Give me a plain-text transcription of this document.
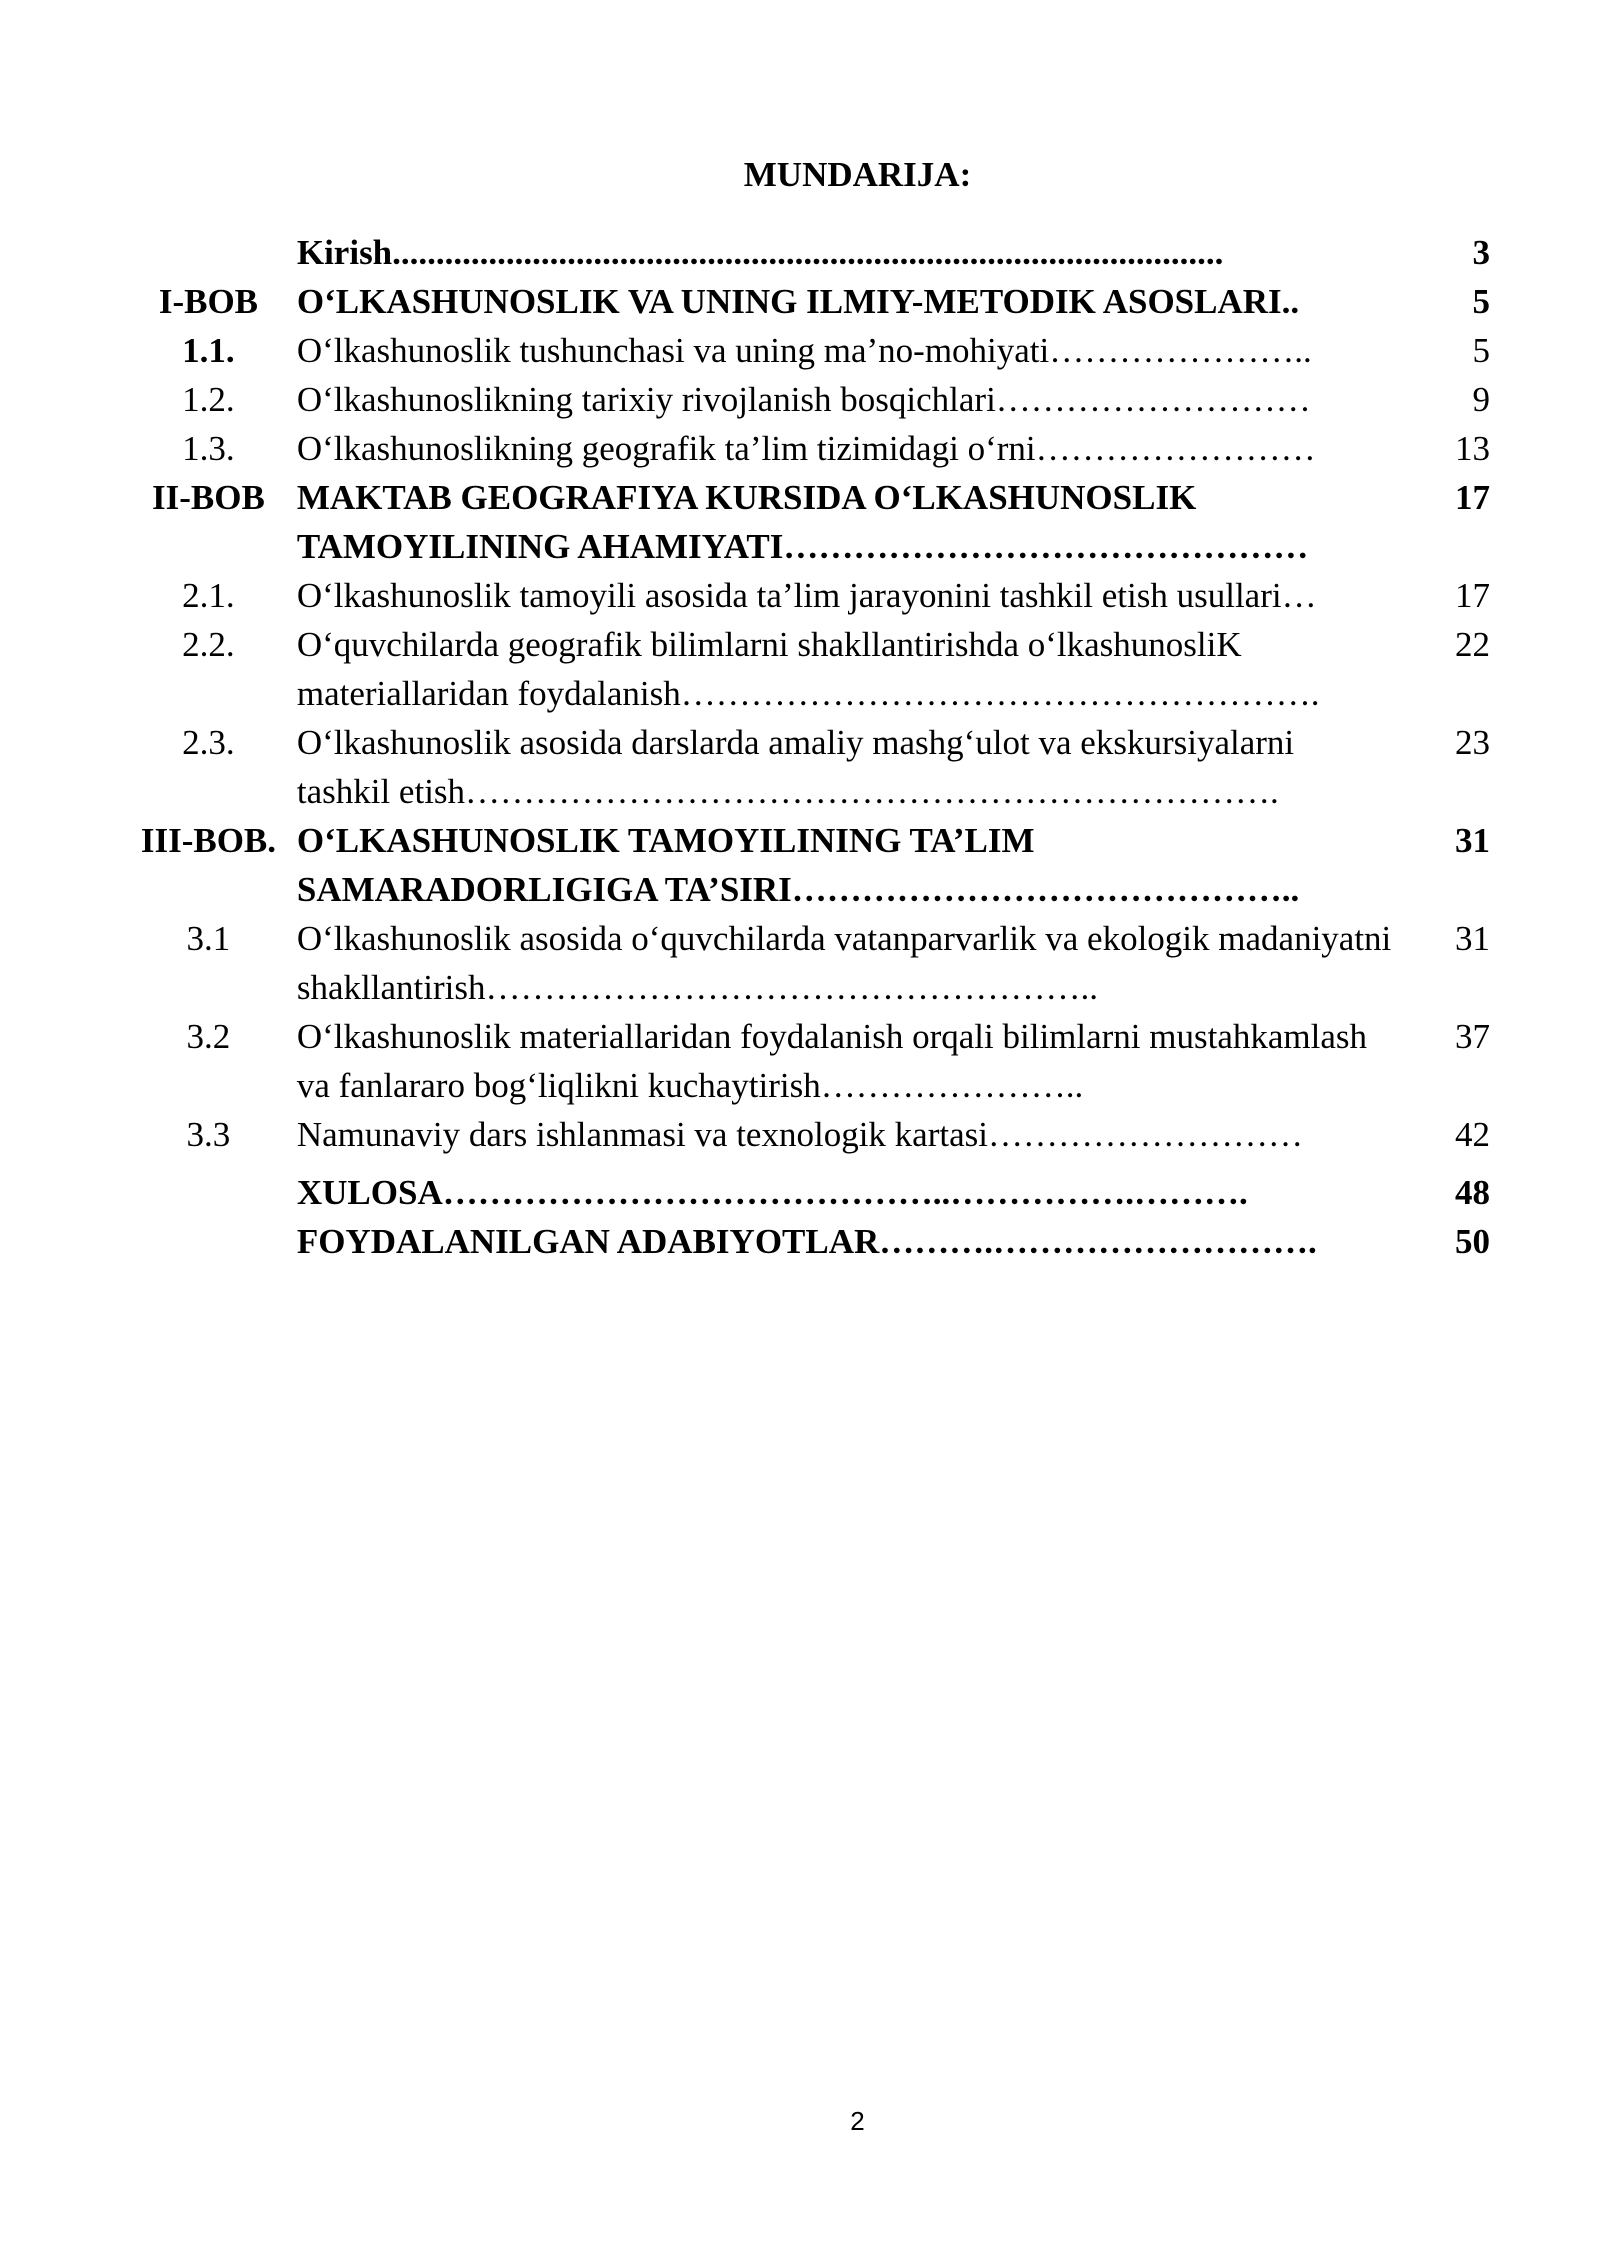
MUNDARIJA:
	Kirish...............................................................................................	3
I-BOB	O‘LKASHUNOSLIK VA UNING ILMIY-METODIK ASOSLARI..	5
1.1.	O‘lkashunoslik tushunchasi va uning ma’no-mohiyati…………………..	5
1.2.	O‘lkashunoslikning tarixiy rivojlanish bosqichlari………………………	9
1.3.	O‘lkashunoslikning geografik ta’lim tizimidagi o‘rni……………………	13
II-BOB	MAKTAB GEOGRAFIYA KURSIDA O‘LKASHUNOSLIK TAMOYILINING AHAMIYATI………………………………………	17
2.1.	O‘lkashunoslik tamoyili asosida ta’lim jarayonini tashkil etish usullari…	17
2.2.	O‘quvchilarda geografik bilimlarni shakllantirishda o‘lkashunosliK materiallaridan foydalanish……………………………………………….	22
2.3.	O‘lkashunoslik asosida darslarda amaliy mashg‘ulot va ekskursiyalarni tashkil etish…………………………………………………………….	23
III-BOB.	O‘LKASHUNOSLIK TAMOYILINING TA’LIM SAMARADORLIGIGA TA’SIRI……………………………………..	31
3.1	O‘lkashunoslik asosida o‘quvchilarda vatanparvarlik va ekologik madaniyatni shakllantirish……………………………………………..	31
3.2	O‘lkashunoslik materiallaridan foydalanish orqali bilimlarni mustahkamlash va fanlararo bog‘liqlikni kuchaytirish…………………..	37
3.3	Namunaviy dars ishlanmasi va texnologik kartasi………………………	42
	XULOSA……………………………………..…………….……….	48
	FOYDALANILGAN ADABIYOTLAR……….……………………….	50
2
